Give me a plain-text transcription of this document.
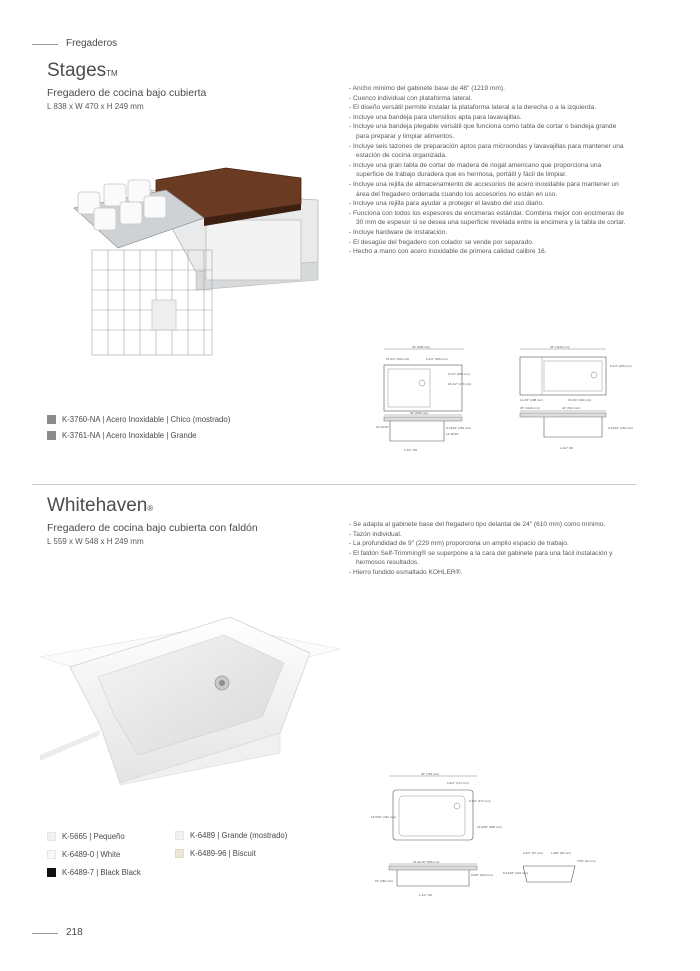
Fregaderos
StagesTM
Fregadero de cocina bajo cubierta
L 838 x W 470 x H 249 mm
- Ancho mínimo del gabinete base de 48" (1219 mm).
- Cuenco individual con plataforma lateral.
- El diseño versátil permite instalar la plataforma lateral a la derecha o a la izquierda.
- Incluye una bandeja para utensilios apta para lavavajillas.
- Incluye una bandeja plegable versátil que funciona como tabla de cortar o bandeja grande para preparar y limpiar alimentos.
- Incluye seis tazones de preparación aptos para microondas y lavavajillas para mantener una estación de cocina organizada.
- Incluye una gran tabla de cortar de madera de nogal americano que proporciona una superficie de trabajo duradera que es hermosa, portátil y fácil de limpiar.
- Incluye una rejilla de almacenamiento de accesorios de acero inoxidable para mantener un área del fregadero ordenada cuando los accesorios no están en uso.
- Incluye una rejilla para ayudar a proteger el lavabo del uso diario.
- Funciona con todos los espesores de encimeras estándar. Combina mejor con encimeras de 30 mm de espesor si se desea una superficie nivelada entre la encimera y la tabla de cortar.
- Incluye hardware de instalación.
- El desagüe del fregadero con colador se vende por separado.
- Hecho a mano con acero inoxidable de primera calidad calibre 16.
33" (838 mm)
15-3/4" (400 mm)	9-1/4" (235 mm)
9-1/4" (235 mm)
18-1/2" (470 mm)
33" (838 mm)
10-15/16"	9-13/16" (249 mm)
13-15/16"
1-1/2" OD
45" (1143 mm)
9-1/4" (235 mm)
11-3/4" (298 mm)	15-3/4" (400 mm)
45" (1143 mm)	24" (610 mm)
9-13/16" (249 mm)
1-1/2" OD
K-3760-NA | Acero Inoxidable | Chico (mostrado)
K-3761-NA | Acero Inoxidable | Grande
Whitehaven®
Fregadero de cocina bajo cubierta con faldón
L 559 x W 548 x H 249 mm
- Se adapta al gabinete base del fregadero tipo delantal de 24" (610 mm) como mínimo.
- Tazón individual.
- La profundidad de 9" (229 mm) proporciona un amplio espacio de trabajo.
- El faldón Self-Trimming® se superpone a la cara del gabinete para una fácil instalación y hermosos resultados.
- Hierro fundido esmaltado KOHLER®.
30" (762 mm)
6-3/4" (171 mm)
6-3/4" (171 mm)
19-5/16" (491 mm)
21-9/16" (548 mm)
15-11/16" (398 mm)
15" (381 mm)
9-5/8" (244 mm)
1-1/2" OD
2-1/4" (57 mm)	1-3/8" (35 mm)
7/16" (11 mm)
8-13/16" (224 mm)
K-5665 | Pequeño
K-6489-0 | White
K-6489-7 | Black Black
K-6489 | Grande (mostrado)
K-6489-96 | Biscuit
218
